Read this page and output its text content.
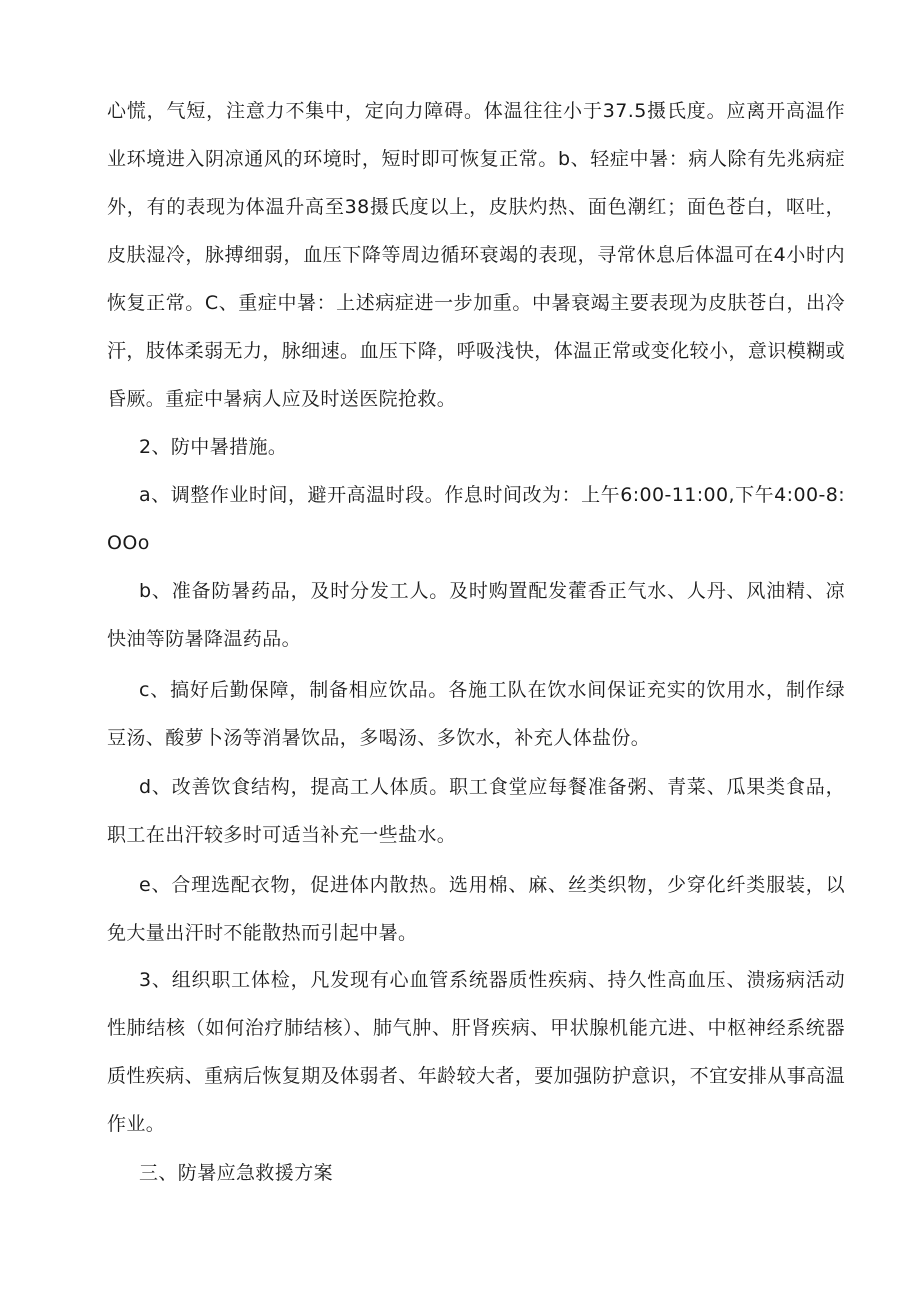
心慌，气短，注意力不集中，定向力障碍。体温往往小于37.5摄氏度。应离开高温作业环境进入阴凉通风的环境时，短时即可恢复正常。b、轻症中暑：病人除有先兆病症外，有的表现为体温升高至38摄氏度以上，皮肤灼热、面色潮红；面色苍白，呕吐，皮肤湿冷，脉搏细弱，血压下降等周边循环衰竭的表现，寻常休息后体温可在4小时内恢复正常。C、重症中暑：上述病症进一步加重。中暑衰竭主要表现为皮肤苍白，出冷汗，肢体柔弱无力，脉细速。血压下降，呼吸浅快，体温正常或变化较小，意识模糊或昏厥。重症中暑病人应及时送医院抢救。

2、防中暑措施。

a、调整作业时间，避开高温时段。作息时间改为：上午6:00-11:00,下午4:00-8:OOo

b、准备防暑药品，及时分发工人。及时购置配发藿香正气水、人丹、风油精、凉快油等防暑降温药品。

c、搞好后勤保障，制备相应饮品。各施工队在饮水间保证充实的饮用水，制作绿豆汤、酸萝卜汤等消暑饮品，多喝汤、多饮水，补充人体盐份。

d、改善饮食结构，提高工人体质。职工食堂应每餐准备粥、青菜、瓜果类食品，职工在出汗较多时可适当补充一些盐水。

e、合理选配衣物，促进体内散热。选用棉、麻、丝类织物，少穿化纤类服装，以免大量出汗时不能散热而引起中暑。

3、组织职工体检，凡发现有心血管系统器质性疾病、持久性高血压、溃疡病活动性肺结核（如何治疗肺结核）、肺气肿、肝肾疾病、甲状腺机能亢进、中枢神经系统器质性疾病、重病后恢复期及体弱者、年龄较大者，要加强防护意识，不宜安排从事高温作业。

三、防暑应急救援方案
